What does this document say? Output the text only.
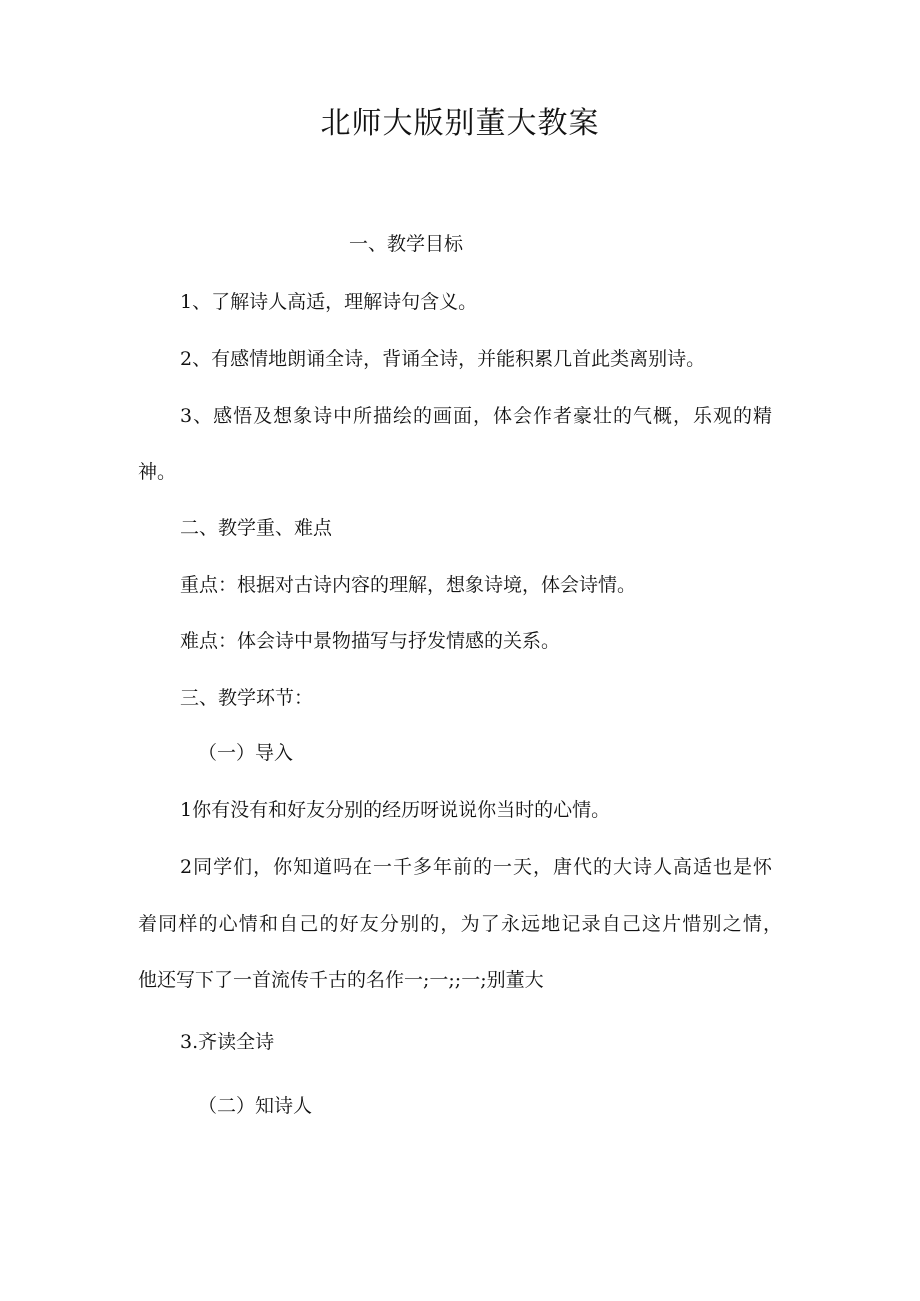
北师大版别董大教案
一、教学目标
1、了解诗人高适，理解诗句含义。
2、有感情地朗诵全诗，背诵全诗，并能积累几首此类离别诗。
3、感悟及想象诗中所描绘的画面，体会作者豪壮的气概，乐观的精
神。
二、教学重、难点
重点：根据对古诗内容的理解，想象诗境，体会诗情。
难点：体会诗中景物描写与抒发情感的关系。
三、教学环节：
（一）导入
1你有没有和好友分别的经历呀说说你当时的心情。
2同学们，你知道吗在一千多年前的一天，唐代的大诗人高适也是怀
着同样的心情和自己的好友分别的，为了永远地记录自己这片惜别之情，
他还写下了一首流传千古的名作一;一;;一;别董大
3.齐读全诗
（二）知诗人
